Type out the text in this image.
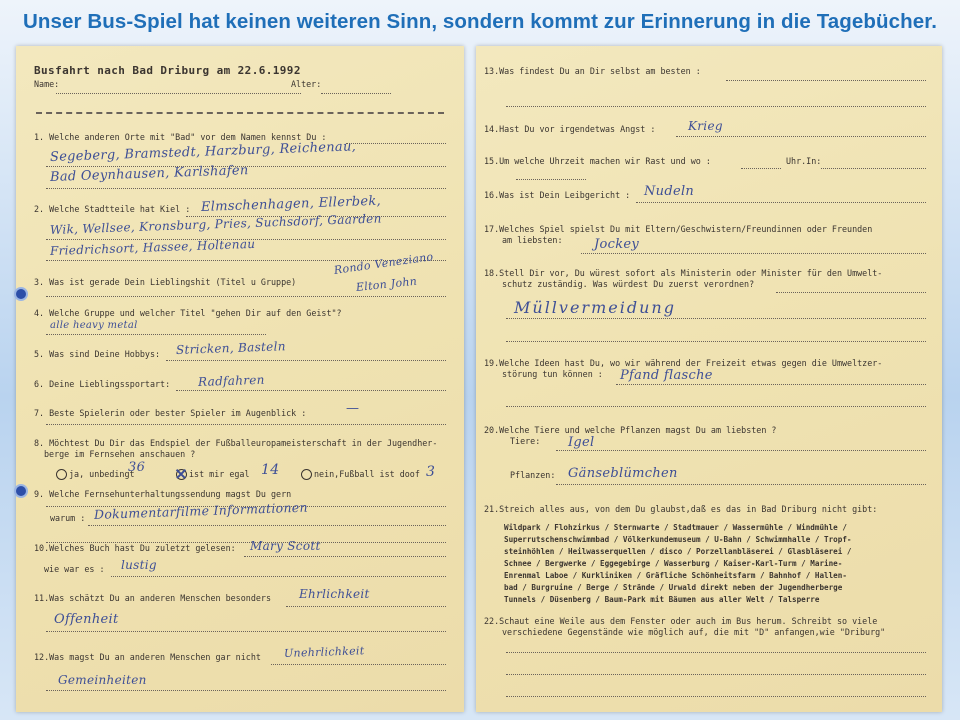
Unser Bus-Spiel hat keinen weiteren Sinn, sondern kommt zur Erinnerung in die Tagebücher.
Busfahrt nach Bad Driburg am 22.6.1992
Name:	Alter:
1. Welche anderen Orte mit "Bad" vor dem Namen kennst Du :
Segeberg, Bramstedt, Harzburg, Reichenau,
Bad Oeynhausen, Karlshafen
2. Welche Stadtteile hat Kiel : Elmschenhagen, Ellerbek,
Wik, Wellsee, Kronsburg, Pries, Suchsdorf, Gaarden
Friedrichsort, Hassee, Holtenau
3. Was ist gerade Dein Lieblingshit (Titel u Gruppe)
Rondo Veneziano
Elton John
4. Welche Gruppe und welcher Titel "gehen Dir auf den Geist"?
alle heavy metal
5. Was sind Deine Hobbys: Stricken, Basteln
6. Deine Lieblingssportart: Radfahren
7. Beste Spielerin oder bester Spieler im Augenblick :	—
8. Möchtest Du Dir das Endspiel der Fußballeuropameisterschaft in der Jugendher-
berge im Fernsehen anschauen ?
ja, unbedingt
36	ist mir egal 14	nein,Fußball ist doof 3
9. Welche Fernsehunterhaltungssendung magst Du gern
warum : Dokumentarfilme Informationen
10.Welches Buch hast Du zuletzt gelesen: Mary Scott
wie war es : lustig
11.Was schätzt Du an anderen Menschen besonders Ehrlichkeit
Offenheit
12.Was magst Du an anderen Menschen gar nicht Unehrlichkeit
Gemeinheiten
13.Was findest Du an Dir selbst am besten :
14.Hast Du vor irgendetwas Angst :	Krieg
15.Um welche Uhrzeit machen wir Rast und wo :	Uhr.In:
16.Was ist Dein Leibgericht : Nudeln
17.Welches Spiel spielst Du mit Eltern/Geschwistern/Freundinnen oder Freunden
am liebsten: Jockey
18.Stell Dir vor, Du würest sofort als Ministerin oder Minister für den Umwelt-
schutz zuständig. Was würdest Du zuerst verordnen?
Müllvermeidung
19.Welche Ideen hast Du, wo wir während der Freizeit etwas gegen die Umweltzer-
störung tun können : Pfand flasche
20.Welche Tiere und welche Pflanzen magst Du am liebsten ?
Tiere: Igel
Pflanzen: Gänseblümchen
21.Streich alles aus, von dem Du glaubst,daß es das in Bad Driburg nicht gibt:
Wildpark / Flohzirkus / Sternwarte / Stadtmauer / Wassermühle / Windmühle /
Superrutschenschwimmbad / Völkerkundemuseum / U-Bahn / Schwimmhalle / Tropf-
steinhöhlen / Heilwasserquellen / disco / Porzellanbläserei / Glasbläserei /
Schnee / Bergwerke / Eggegebirge / Wasserburg / Kaiser-Karl-Turm / Marine-
Enrenmal Laboe / Kurkliniken / Gräfliche Schönheitsfarm / Bahnhof / Hallen-
bad / Burgruine / Berge / Strände / Urwald direkt neben der Jugendherberge
Tunnels / Düsenberg / Baum-Park mit Bäumen aus aller Welt / Talsperre
22.Schaut eine Weile aus dem Fenster oder auch im Bus herum. Schreibt so viele
verschiedene Gegenstände wie möglich auf, die mit "D" anfangen,wie "Driburg"
